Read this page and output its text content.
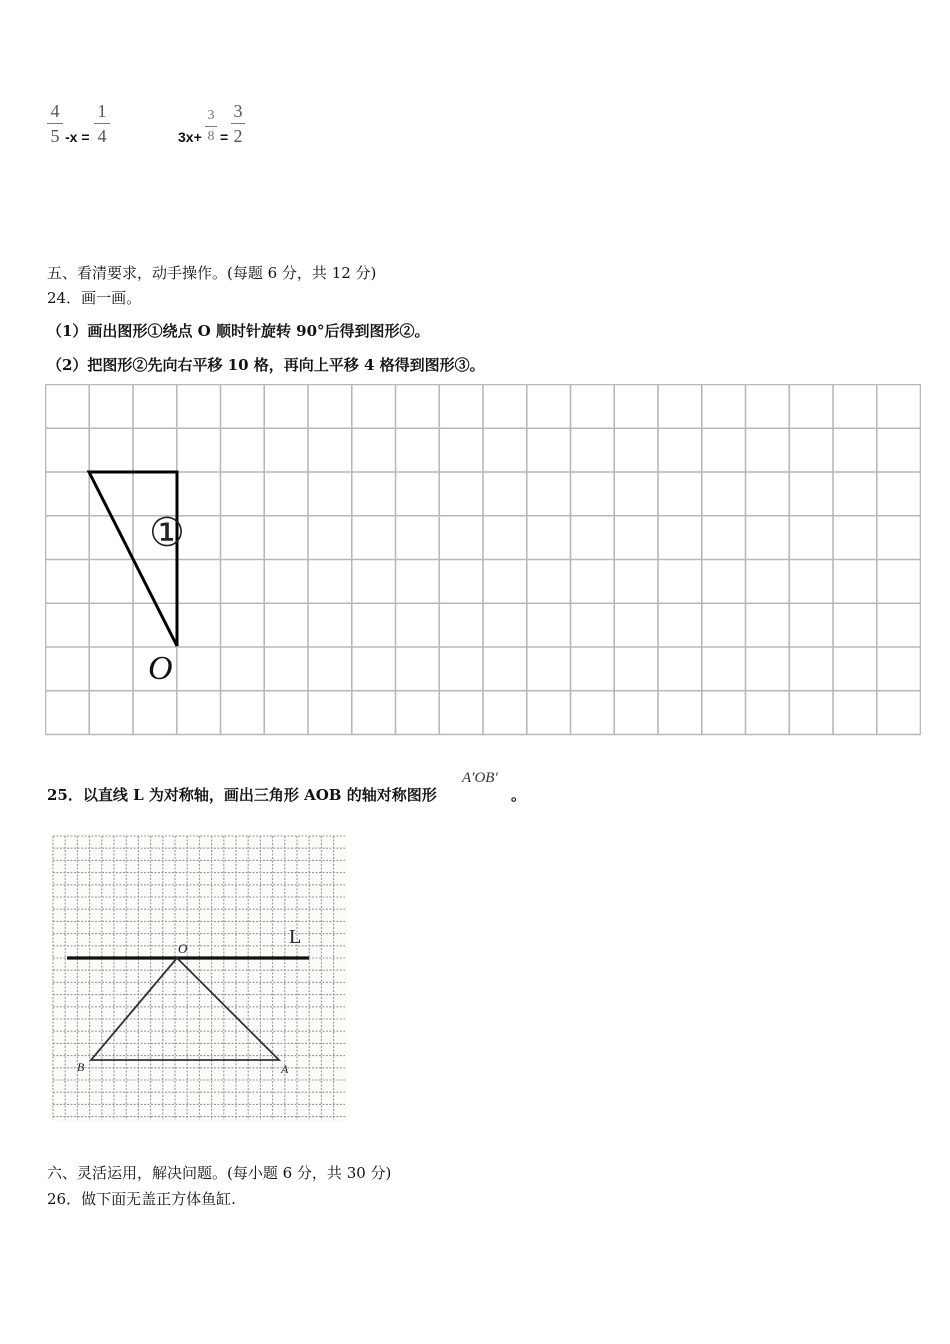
4
5 -x =
1
4	3x+
3
8 =
3
2
五、看清要求，动手操作。(每题 6 分，共 12 分)
24．画一画。
（1）画出图形①绕点 O 顺时针旋转 90°后得到图形②。
（2）把图形②先向右平移 10 格，再向上平移 4 格得到图形③。
①
O
25．以直线 L 为对称轴，画出三角形 AOB 的轴对称图形
A′OB′
。
L
O
A
B
六、灵活运用，解决问题。(每小题 6 分，共 30 分)
26．做下面无盖正方体鱼缸.
